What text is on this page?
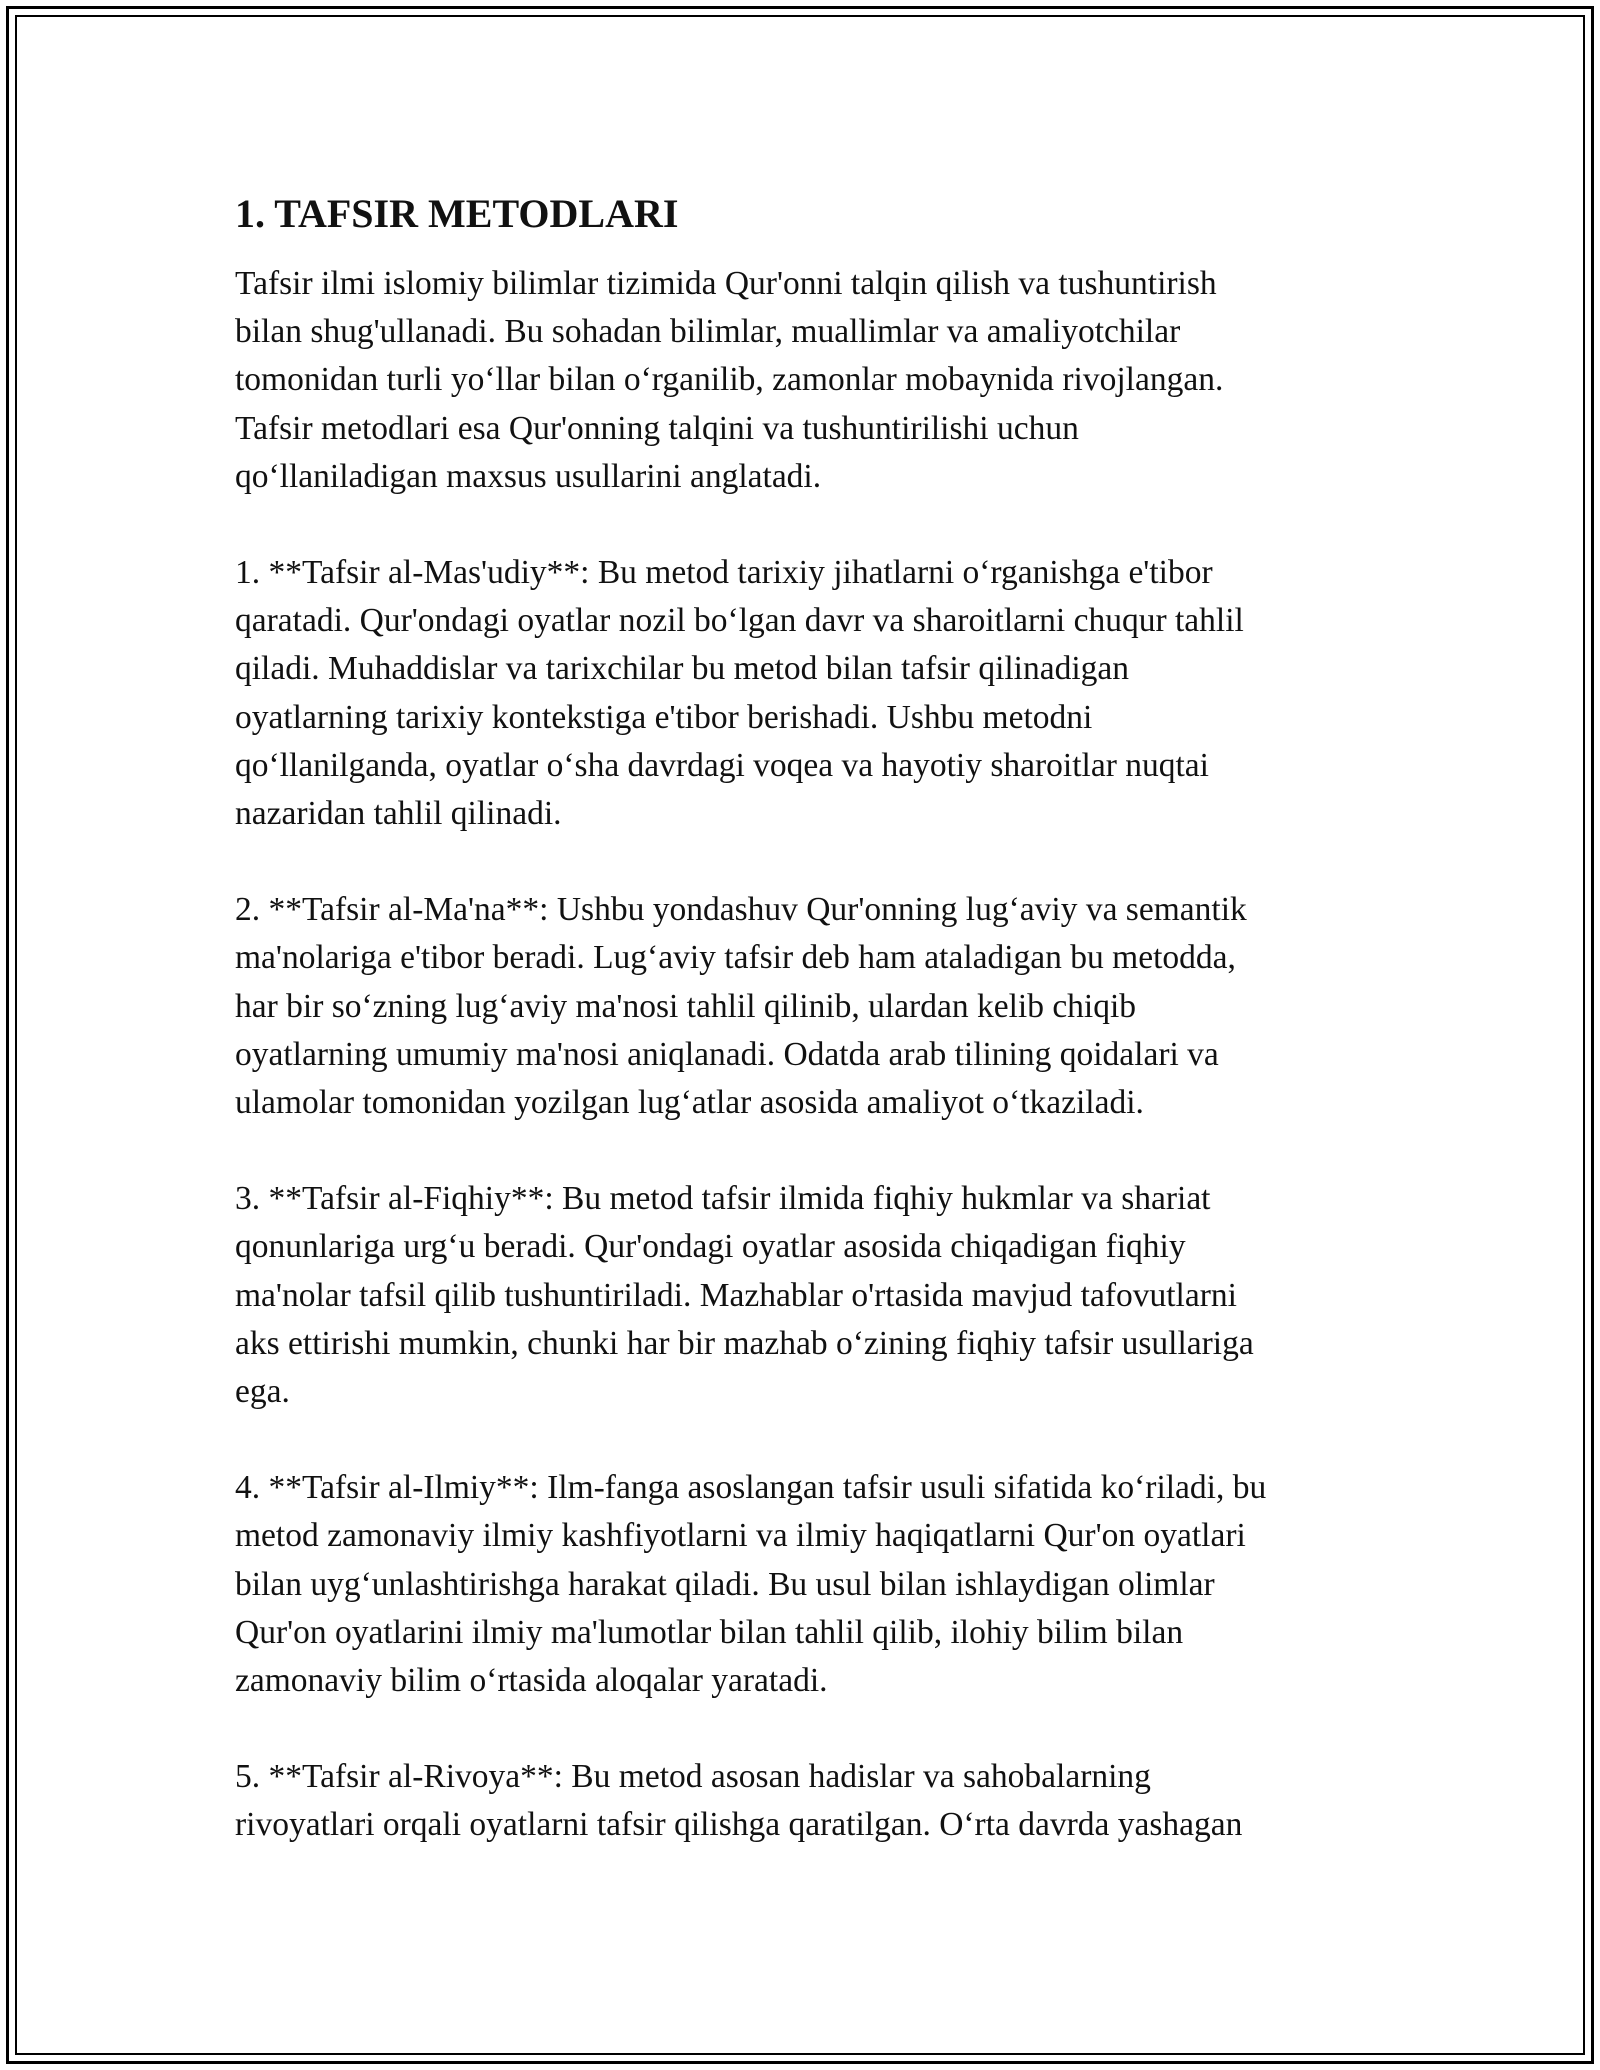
1. TAFSIR METODLARI

Tafsir ilmi islomiy bilimlar tizimida Qur'onni talqin qilish va tushuntirish
bilan shug'ullanadi. Bu sohadan bilimlar, muallimlar va amaliyotchilar
tomonidan turli yo‘llar bilan o‘rganilib, zamonlar mobaynida rivojlangan.
Tafsir metodlari esa Qur'onning talqini va tushuntirilishi uchun
qo‘llaniladigan maxsus usullarini anglatadi.

1. **Tafsir al-Mas'udiy**: Bu metod tarixiy jihatlarni o‘rganishga e'tibor
qaratadi. Qur'ondagi oyatlar nozil bo‘lgan davr va sharoitlarni chuqur tahlil
qiladi. Muhaddislar va tarixchilar bu metod bilan tafsir qilinadigan
oyatlarning tarixiy kontekstiga e'tibor berishadi. Ushbu metodni
qo‘llanilganda, oyatlar o‘sha davrdagi voqea va hayotiy sharoitlar nuqtai
nazaridan tahlil qilinadi.

2. **Tafsir al-Ma'na**: Ushbu yondashuv Qur'onning lug‘aviy va semantik
ma'nolariga e'tibor beradi. Lug‘aviy tafsir deb ham ataladigan bu metodda,
har bir so‘zning lug‘aviy ma'nosi tahlil qilinib, ulardan kelib chiqib
oyatlarning umumiy ma'nosi aniqlanadi. Odatda arab tilining qoidalari va
ulamolar tomonidan yozilgan lug‘atlar asosida amaliyot o‘tkaziladi.

3. **Tafsir al-Fiqhiy**: Bu metod tafsir ilmida fiqhiy hukmlar va shariat
qonunlariga urg‘u beradi. Qur'ondagi oyatlar asosida chiqadigan fiqhiy
ma'nolar tafsil qilib tushuntiriladi. Mazhablar o'rtasida mavjud tafovutlarni
aks ettirishi mumkin, chunki har bir mazhab o‘zining fiqhiy tafsir usullariga
ega.

4. **Tafsir al-Ilmiy**: Ilm-fanga asoslangan tafsir usuli sifatida ko‘riladi, bu
metod zamonaviy ilmiy kashfiyotlarni va ilmiy haqiqatlarni Qur'on oyatlari
bilan uyg‘unlashtirishga harakat qiladi. Bu usul bilan ishlaydigan olimlar
Qur'on oyatlarini ilmiy ma'lumotlar bilan tahlil qilib, ilohiy bilim bilan
zamonaviy bilim o‘rtasida aloqalar yaratadi.

5. **Tafsir al-Rivoya**: Bu metod asosan hadislar va sahobalarning
rivoyatlari orqali oyatlarni tafsir qilishga qaratilgan. O‘rta davrda yashagan
